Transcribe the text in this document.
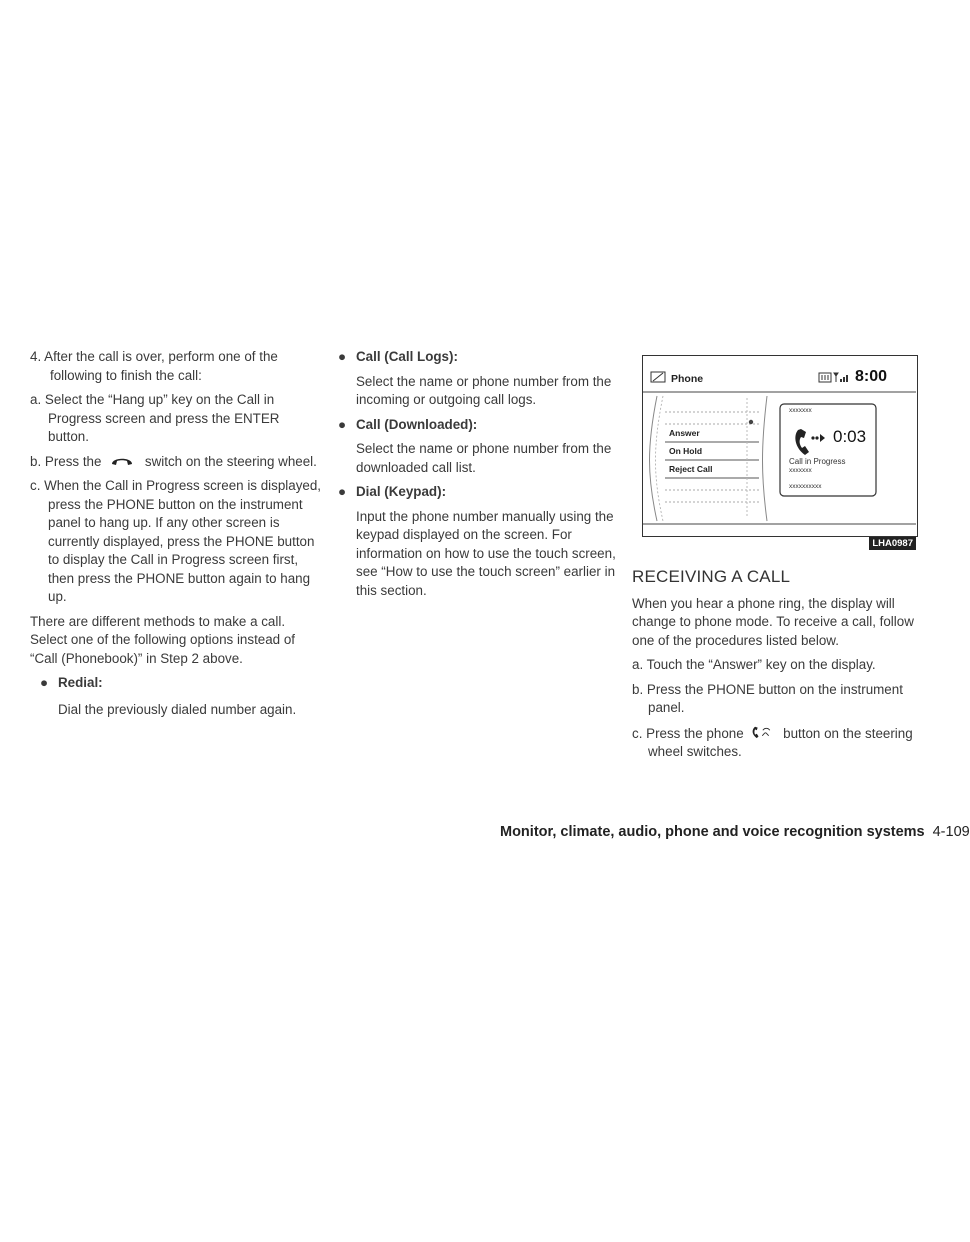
4. After the call is over, perform one of the following to finish the call:

a. Select the “Hang up” key on the Call in Progress screen and press the ENTER button.

b. Press the	switch on the steering wheel.

c. When the Call in Progress screen is displayed, press the PHONE button on the instrument panel to hang up. If any other screen is currently displayed, press the PHONE button to display the Call in Progress screen first, then press the PHONE button again to hang up.

There are different methods to make a call. Select one of the following options instead of “Call (Phonebook)” in Step 2 above.

● Redial:

Dial the previously dialed number again.

● Call (Call Logs):

Select the name or phone number from the incoming or outgoing call logs.

● Call (Downloaded):

Select the name or phone number from the downloaded call list.

● Dial (Keypad):

Input the phone number manually using the keypad displayed on the screen. For information on how to use the touch screen, see “How to use the touch screen” earlier in this section.

Phone	8:00
Answer
On Hold
Reject Call
xxxxxxx
0:03
Call in Progress
xxxxxxx
xxxxxxxxxx
LHA0987
RECEIVING A CALL

When you hear a phone ring, the display will change to phone mode. To receive a call, follow one of the procedures listed below.

a. Touch the “Answer” key on the display.

b. Press the PHONE button on the instrument panel.

c. Press the phone	button on the steering wheel switches.

Monitor, climate, audio, phone and voice recognition systems 4-109
